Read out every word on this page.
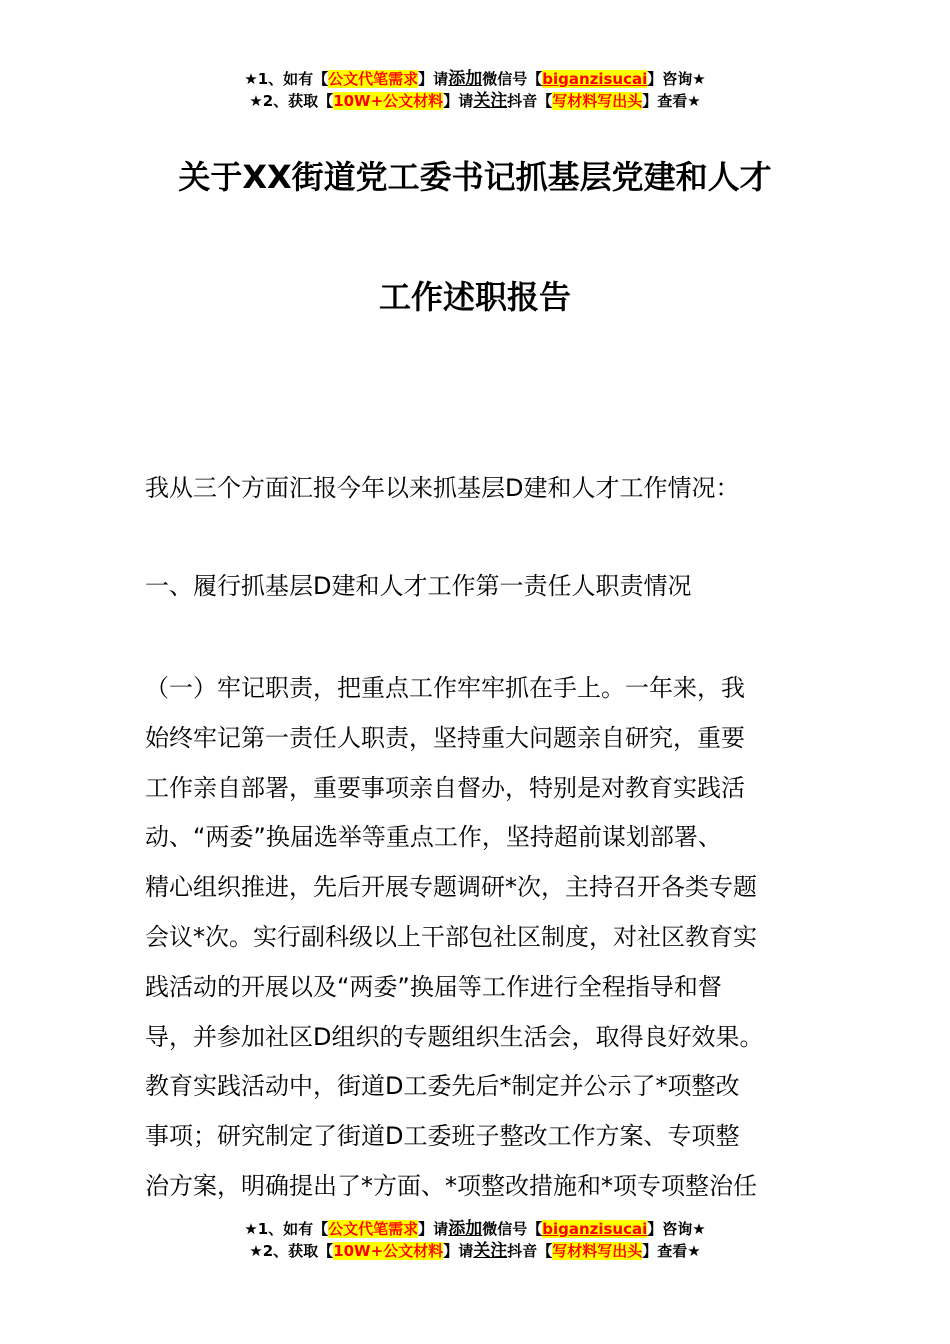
★1、如有【公文代笔需求】请添加微信号【biganzisucai】咨询★
★2、获取【10W+公文材料】请关注抖音【写材料写出头】查看★
关于XX街道党工委书记抓基层党建和人才
工作述职报告
我从三个方面汇报今年以来抓基层D建和人才工作情况：
一、履行抓基层D建和人才工作第一责任人职责情况
（一）牢记职责，把重点工作牢牢抓在手上。一年来，我
始终牢记第一责任人职责，坚持重大问题亲自研究，重要
工作亲自部署，重要事项亲自督办，特别是对教育实践活
动、“两委”换届选举等重点工作，坚持超前谋划部署、
精心组织推进，先后开展专题调研*次，主持召开各类专题
会议*次。实行副科级以上干部包社区制度，对社区教育实
践活动的开展以及“两委”换届等工作进行全程指导和督
导，并参加社区D组织的专题组织生活会，取得良好效果。
教育实践活动中，街道D工委先后*制定并公示了*项整改
事项；研究制定了街道D工委班子整改工作方案、专项整
治方案，明确提出了*方面、*项整改措施和*项专项整治任
★1、如有【公文代笔需求】请添加微信号【biganzisucai】咨询★
★2、获取【10W+公文材料】请关注抖音【写材料写出头】查看★
